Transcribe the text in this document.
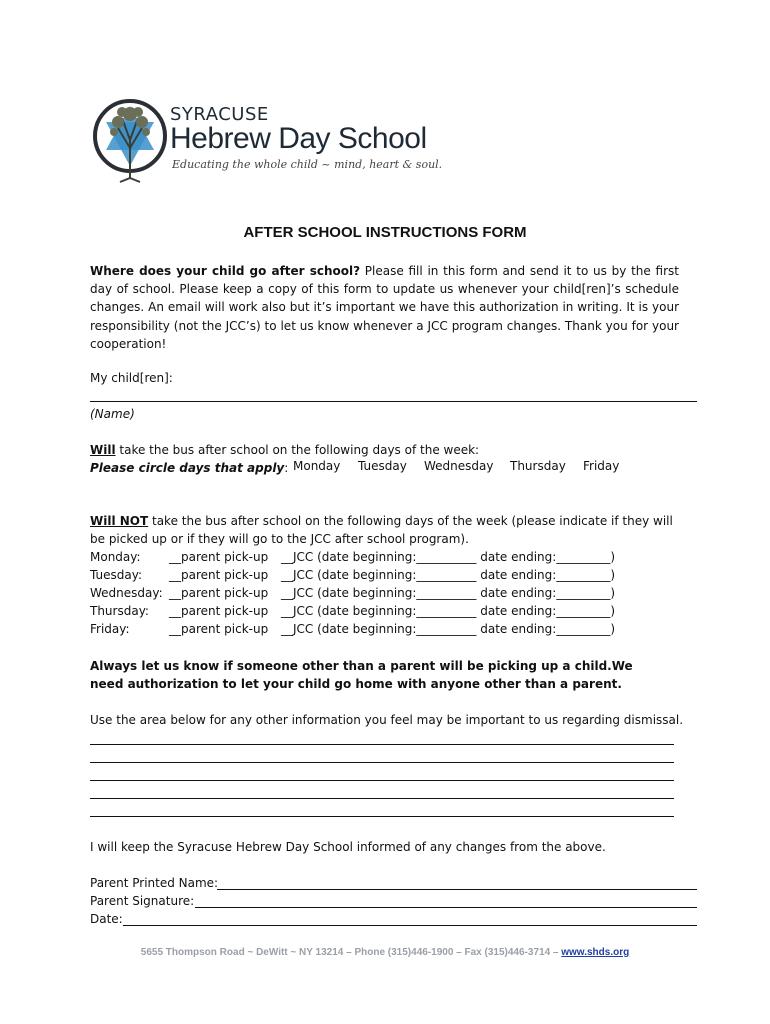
SYRACUSE
Hebrew Day School
Educating the whole child ~ mind, heart & soul.
AFTER SCHOOL INSTRUCTIONS FORM
Where does your child go after school? Please fill in this form and send it to us by the first day of school. Please keep a copy of this form to update us whenever your child[ren]’s schedule changes. An email will work also but it’s important we have this authorization in writing. It is your responsibility (not the JCC’s) to let us know whenever a JCC program changes. Thank you for your cooperation!
My child[ren]:
(Name)
Will take the bus after school on the following days of the week:
Please circle days that apply: Monday Tuesday Wednesday Thursday Friday
Will NOT take the bus after school on the following days of the week (please indicate if they will be picked up or if they will go to the JCC after school program).
Monday:	__parent pick-up	__JCC (date beginning:__________ date ending:_________)
Tuesday:	__parent pick-up	__JCC (date beginning:__________ date ending:_________)
Wednesday:	__parent pick-up	__JCC (date beginning:__________ date ending:_________)
Thursday:	__parent pick-up	__JCC (date beginning:__________ date ending:_________)
Friday:	__parent pick-up	__JCC (date beginning:__________ date ending:_________)
Always let us know if someone other than a parent will be picking up a child.We need authorization to let your child go home with anyone other than a parent.
Use the area below for any other information you feel may be important to us regarding dismissal.
I will keep the Syracuse Hebrew Day School informed of any changes from the above.
Parent Printed Name:
Parent Signature:
Date:
5655 Thompson Road ~ DeWitt ~ NY 13214 – Phone (315)446-1900 – Fax (315)446-3714 – www.shds.org
